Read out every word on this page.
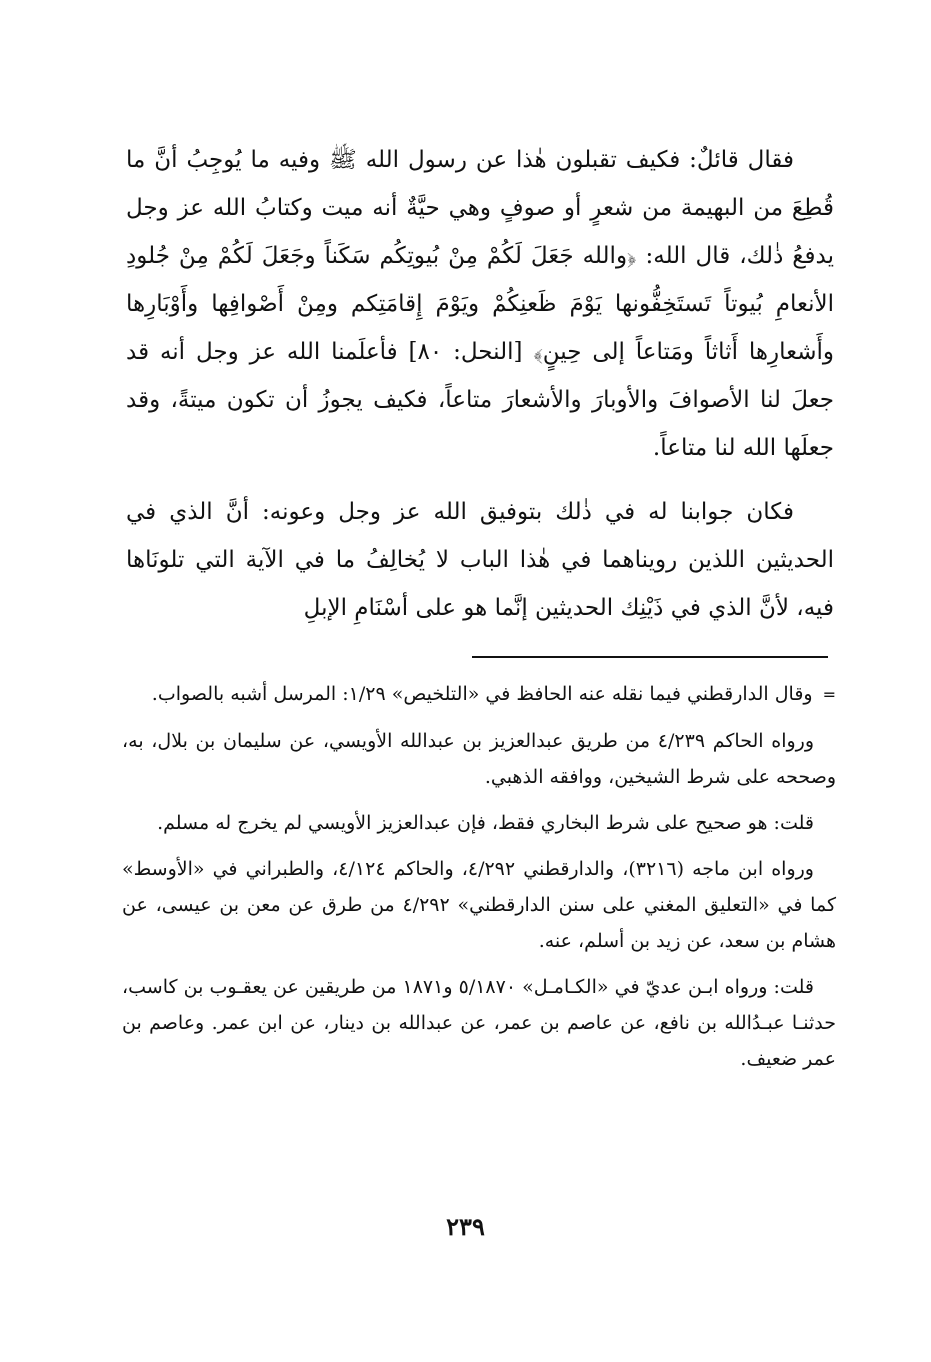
فقال قائلٌ: فكيف تقبلون هٰذا عن رسول الله ﷺ وفيه ما يُوجِبُ أنَّ ما قُطِعَ من البهيمة من شعرٍ أو صوفٍ وهي حيَّةٌ أنه ميت وكتابُ الله عز وجل يدفعُ ذٰلك، قال الله: ﴿والله جَعَلَ لَكُمْ مِنْ بُيوتِكُم سَكَناً وجَعَلَ لَكُمْ مِنْ جُلودِ الأنعامِ بُيوتاً تَستَخِفُّونها يَوْمَ ظَعنِكُمْ ويَوْمَ إِقامَتِكم ومِنْ أَصْوافِها وأَوْبَارِها وأَشعارِها أَثاثاً ومَتاعاً إلى حِينٍ﴾ [النحل: ٨٠] فأعلَمنا الله عز وجل أنه قد جعلَ لنا الأصوافَ والأوبارَ والأشعارَ متاعاً، فكيف يجوزُ أن تكون ميتةً، وقد جعلَها الله لنا متاعاً.

فكان جوابنا له في ذٰلك بتوفيق الله عز وجل وعونه: أنَّ الذي في الحديثين اللذين رويناهما في هٰذا الباب لا يُخالِفُ ما في الآية التي تلونَاها فيه، لأنَّ الذي في ذَيْنِك الحديثين إنَّما هو على أسْنَامِ الإبلِ

=وقال الدارقطني فيما نقله عنه الحافظ في «التلخيص» ١/٢٩: المرسل أشبه بالصواب.

ورواه الحاكم ٤/٢٣٩ من طريق عبدالعزيز بن عبدالله الأويسي، عن سليمان بن بلال، به، وصححه على شرط الشيخين، ووافقه الذهبي.

قلت: هو صحيح على شرط البخاري فقط، فإن عبدالعزيز الأويسي لم يخرج له مسلم.

ورواه ابن ماجه (٣٢١٦)، والدارقطني ٤/٢٩٢، والحاكم ٤/١٢٤، والطبراني في «الأوسط» كما في «التعليق المغني على سنن الدارقطني» ٤/٢٩٢ من طرق عن معن بن عيسى، عن هشام بن سعد، عن زيد بن أسلم، عنه.

قلت: ورواه ابـن عديّ في «الكـامـل» ٥/١٨٧٠ و١٨٧١ من طريقين عن يعقـوب بن كاسب، حدثنـا عبـدُالله بن نافع، عن عاصم بن عمر، عن عبدالله بن دينار، عن ابن عمر. وعاصم بن عمر ضعيف.

٢٣٩
